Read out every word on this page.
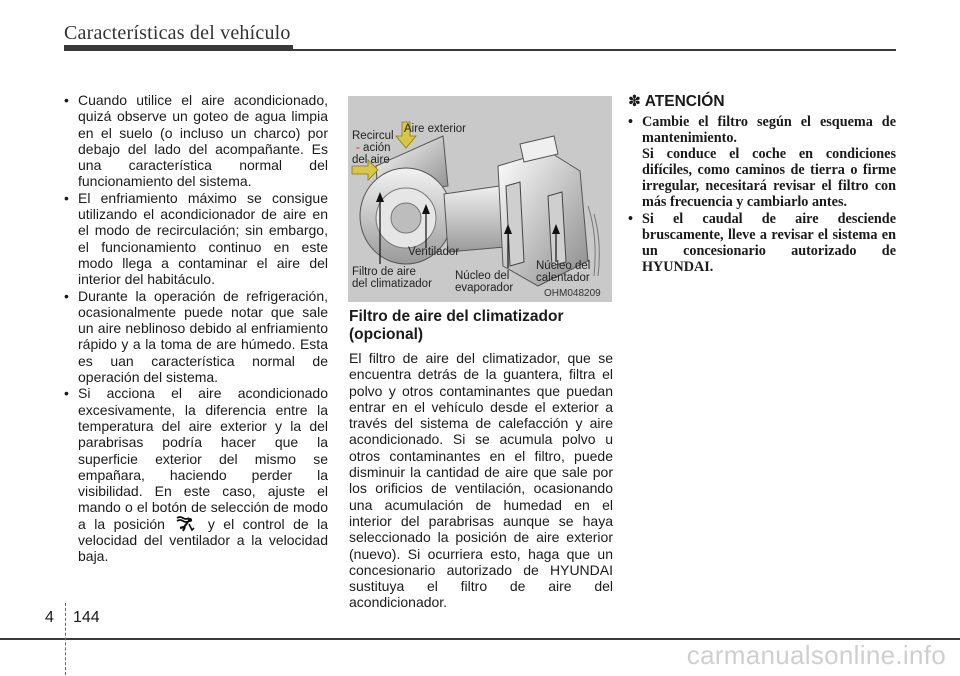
Características del vehículo
• Cuando utilice el aire acondicionado, quizá observe un goteo de agua limpia en el suelo (o incluso un charco) por debajo del lado del acompañante. Es una característica normal del funcionamiento del sistema.
• El enfriamiento máximo se consigue utilizando el acondicionador de aire en el modo de recirculación; sin embargo, el funcionamiento continuo en este modo llega a contaminar el aire del interior del habitáculo.
• Durante la operación de refrigeración, ocasionalmente puede notar que sale un aire neblinoso debido al enfriamiento rápido y a la toma de are húmedo. Esta es uan característica normal de operación del sistema.
• Si acciona el aire acondicionado excesivamente, la diferencia entre la temperatura del aire exterior y la del parabrisas podría hacer que la superficie exterior del mismo se empañara, haciendo perder la visibilidad. En este caso, ajuste el mando o el botón de selección de modo a la posición	y el control de la velocidad del ventilador a la velocidad baja.
Recircul
- ación
del aire
Aire exterior
Ventilador
Filtro de aire
del climatizador
Núcleo del
evaporador
Núcleo del
calentador
OHM048209
Filtro de aire del climatizador (opcional)

El filtro de aire del climatizador, que se encuentra detrás de la guantera, filtra el polvo y otros contaminantes que puedan entrar en el vehículo desde el exterior a través del sistema de calefacción y aire acondicionado. Si se acumula polvo u otros contaminantes en el filtro, puede disminuir la cantidad de aire que sale por los orificios de ventilación, ocasionando una acumulación de humedad en el interior del parabrisas aunque se haya seleccionado la posición de aire exterior (nuevo). Si ocurriera esto, haga que un concesionario autorizado de HYUNDAI sustituya el filtro de aire del acondicionador.

✽ ATENCIÓN
• Cambie el filtro según el esquema de mantenimiento.
Si conduce el coche en condiciones difíciles, como caminos de tierra o firme irregular, necesitará revisar el filtro con más frecuencia y cambiarlo antes.
• Si el caudal de aire desciende bruscamente, lleve a revisar el sistema en un concesionario autorizado de HYUNDAI.
4 144
carmanualsonline.info
